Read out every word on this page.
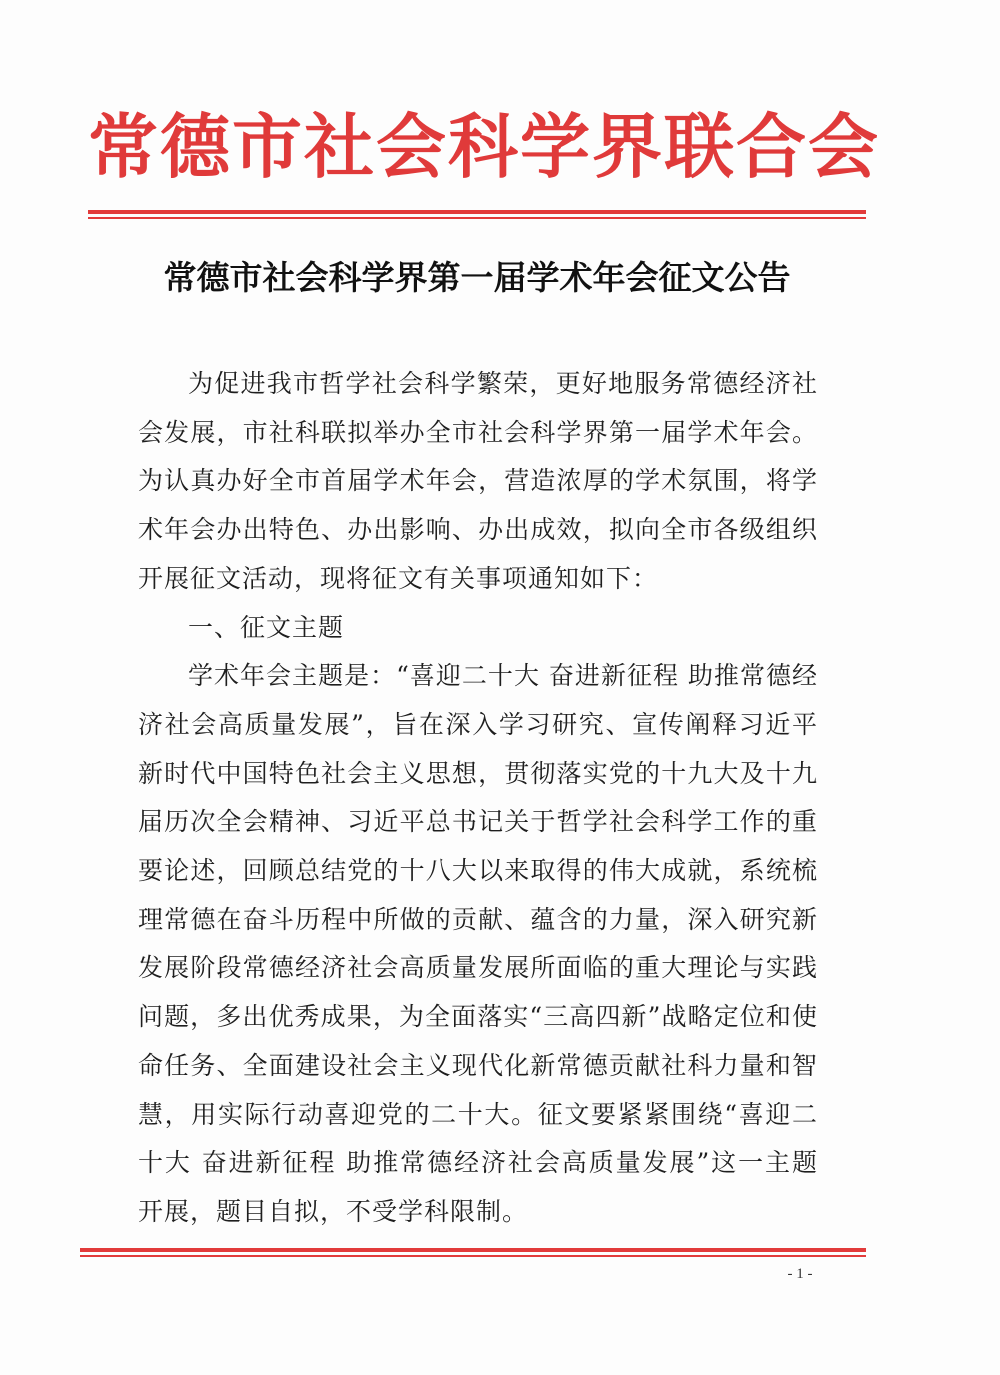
常德市社会科学界联合会
常德市社会科学界第一届学术年会征文公告

为促进我市哲学社会科学繁荣，更好地服务常德经济社会发展，市社科联拟举办全市社会科学界第一届学术年会。为认真办好全市首届学术年会，营造浓厚的学术氛围，将学术年会办出特色、办出影响、办出成效，拟向全市各级组织开展征文活动，现将征文有关事项通知如下：

一、征文主题

学术年会主题是：“喜迎二十大 奋进新征程 助推常德经济社会高质量发展”，旨在深入学习研究、宣传阐释习近平新时代中国特色社会主义思想，贯彻落实党的十九大及十九届历次全会精神、习近平总书记关于哲学社会科学工作的重要论述，回顾总结党的十八大以来取得的伟大成就，系统梳理常德在奋斗历程中所做的贡献、蕴含的力量，深入研究新发展阶段常德经济社会高质量发展所面临的重大理论与实践问题，多出优秀成果，为全面落实“三高四新”战略定位和使命任务、全面建设社会主义现代化新常德贡献社科力量和智慧，用实际行动喜迎党的二十大。征文要紧紧围绕“喜迎二十大 奋进新征程 助推常德经济社会高质量发展”这一主题开展，题目自拟，不受学科限制。

- 1 -
